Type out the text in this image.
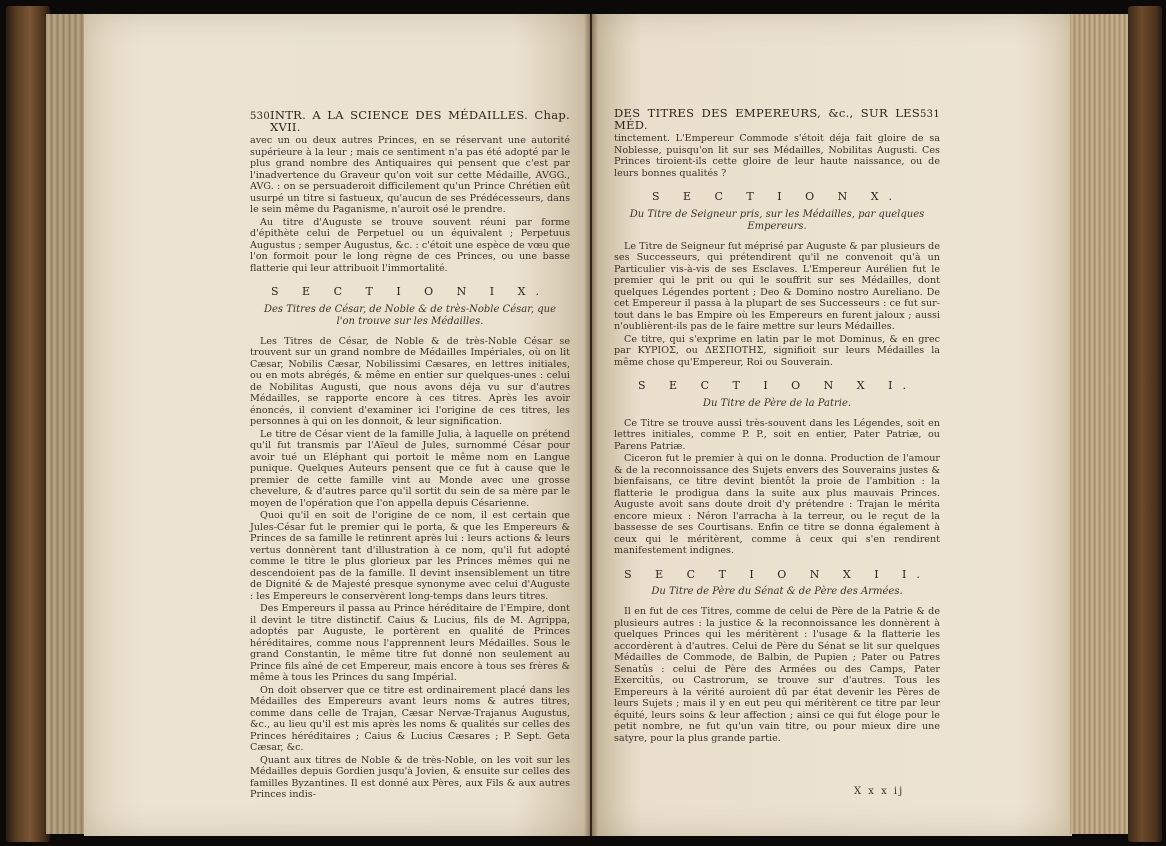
530 INTR. A LA SCIENCE DES MÉDAILLES. Chap. XVII.

avec un ou deux autres Princes, en se réservant une autorité supérieure à la leur ; mais ce sentiment n'a pas été adopté par le plus grand nombre des Antiquaires qui pensent que c'est par l'inadvertence du Graveur qu'on voit sur cette Médaille, AVGG., AVG. : on se persuaderoit difficilement qu'un Prince Chrétien eût usurpé un titre si fastueux, qu'aucun de ses Prédécesseurs, dans le sein même du Paganisme, n'auroit osé le prendre.

Au titre d'Auguste se trouve souvent réuni par forme d'épithète celui de Perpetuel ou un équivalent ; Perpetuus Augustus ; semper Augustus, &c. : c'étoit une espèce de vœu que l'on formoit pour le long règne de ces Princes, ou une basse flatterie qui leur attribuoit l'immortalité.

S E C T I O N I X.
Des Titres de César, de Noble & de très-Noble César, que l'on trouve sur les Médailles.

Les Titres de César, de Noble & de très-Noble César se trouvent sur un grand nombre de Médailles Impériales, où on lit Cæsar, Nobilis Cæsar, Nobilissimi Cæsares, en lettres initiales, ou en mots abrégés, & même en entier sur quelques-unes : celui de Nobilitas Augusti, que nous avons déja vu sur d'autres Médailles, se rapporte encore à ces titres. Après les avoir énoncés, il convient d'examiner ici l'origine de ces titres, les personnes à qui on les donnoit, & leur signification.

Le titre de César vient de la famille Julia, à laquelle on prétend qu'il fut transmis par l'Aïeul de Jules, surnommé César pour avoir tué un Eléphant qui portoit le même nom en Langue punique. Quelques Auteurs pensent que ce fut à cause que le premier de cette famille vint au Monde avec une grosse chevelure, & d'autres parce qu'il sortit du sein de sa mère par le moyen de l'opération que l'on appella depuis Césarienne.

Quoi qu'il en soit de l'origine de ce nom, il est certain que Jules-César fut le premier qui le porta, & que les Empereurs & Princes de sa famille le retinrent après lui : leurs actions & leurs vertus donnèrent tant d'illustration à ce nom, qu'il fut adopté comme le titre le plus glorieux par les Princes mêmes qui ne descendoient pas de la famille. Il devint insensiblement un titre de Dignité & de Majesté presque synonyme avec celui d'Auguste : les Empereurs le conservèrent long-temps dans leurs titres.

Des Empereurs il passa au Prince héréditaire de l'Empire, dont il devint le titre distinctif. Caius & Lucius, fils de M. Agrippa, adoptés par Auguste, le portèrent en qualité de Princes héréditaires, comme nous l'apprennent leurs Médailles. Sous le grand Constantin, le même titre fut donné non seulement au Prince fils aîné de cet Empereur, mais encore à tous ses frères & même à tous les Princes du sang Impérial.

On doit observer que ce titre est ordinairement placé dans les Médailles des Empereurs avant leurs noms & autres titres, comme dans celle de Trajan, Cæsar Nervæ-Trajanus Augustus, &c., au lieu qu'il est mis après les noms & qualités sur celles des Princes héréditaires ; Caius & Lucius Cæsares ; P. Sept. Geta Cæsar, &c.

Quant aux titres de Noble & de très-Noble, on les voit sur les Médailles depuis Gordien jusqu'à Jovien, & ensuite sur celles des familles Byzantines. Il est donné aux Pères, aux Fils & aux autres Princes indis-

DES TITRES DES EMPEREURS, &c., SUR LES MÉD.
531

tinctement. L'Empereur Commode s'étoit déja fait gloire de sa Noblesse, puisqu'on lit sur ses Médailles, Nobilitas Augusti. Ces Princes tiroient-ils cette gloire de leur haute naissance, ou de leurs bonnes qualités ?

S E C T I O N X.
Du Titre de Seigneur pris, sur les Médailles, par quelques Empereurs.

Le Titre de Seigneur fut méprisé par Auguste & par plusieurs de ses Successeurs, qui prétendirent qu'il ne convenoit qu'à un Particulier vis-à-vis de ses Esclaves. L'Empereur Aurélien fut le premier qui le prit ou qui le souffrit sur ses Médailles, dont quelques Légendes portent ; Deo & Domino nostro Aureliano. De cet Empereur il passa à la plupart de ses Successeurs : ce fut sur-tout dans le bas Empire où les Empereurs en furent jaloux ; aussi n'oublièrent-ils pas de le faire mettre sur leurs Médailles.

Ce titre, qui s'exprime en latin par le mot Dominus, & en grec par ΚΥΡΙΟΣ, ou ΔΕΣΠΟΤΗΣ, signifioit sur leurs Médailles la même chose qu'Empereur, Roi ou Souverain.

S E C T I O N X I.
Du Titre de Père de la Patrie.

Ce Titre se trouve aussi très-souvent dans les Légendes, soit en lettres initiales, comme P. P., soit en entier, Pater Patriæ, ou Parens Patriæ.

Ciceron fut le premier à qui on le donna. Production de l'amour & de la reconnoissance des Sujets envers des Souverains justes & bienfaisans, ce titre devint bientôt la proie de l'ambition : la flatterie le prodigua dans la suite aux plus mauvais Princes. Auguste avoit sans doute droit d'y prétendre : Trajan le mérita encore mieux : Néron l'arracha à la terreur, ou le reçut de la bassesse de ses Courtisans. Enfin ce titre se donna également à ceux qui le méritèrent, comme à ceux qui s'en rendirent manifestement indignes.

S E C T I O N X I I.
Du Titre de Père du Sénat & de Père des Armées.

Il en fut de ces Titres, comme de celui de Père de la Patrie & de plusieurs autres : la justice & la reconnoissance les donnèrent à quelques Princes qui les méritèrent : l'usage & la flatterie les accordèrent à d'autres. Celui de Père du Sénat se lit sur quelques Médailles de Commode, de Balbin, de Pupien ; Pater ou Patres Senatûs : celui de Père des Armées ou des Camps, Pater Exercitûs, ou Castrorum, se trouve sur d'autres. Tous les Empereurs à la vérité auroient dû par état devenir les Pères de leurs Sujets ; mais il y en eut peu qui méritèrent ce titre par leur équité, leurs soins & leur affection ; ainsi ce qui fut éloge pour le petit nombre, ne fut qu'un vain titre, ou pour mieux dire une satyre, pour la plus grande partie.

X x x ij
